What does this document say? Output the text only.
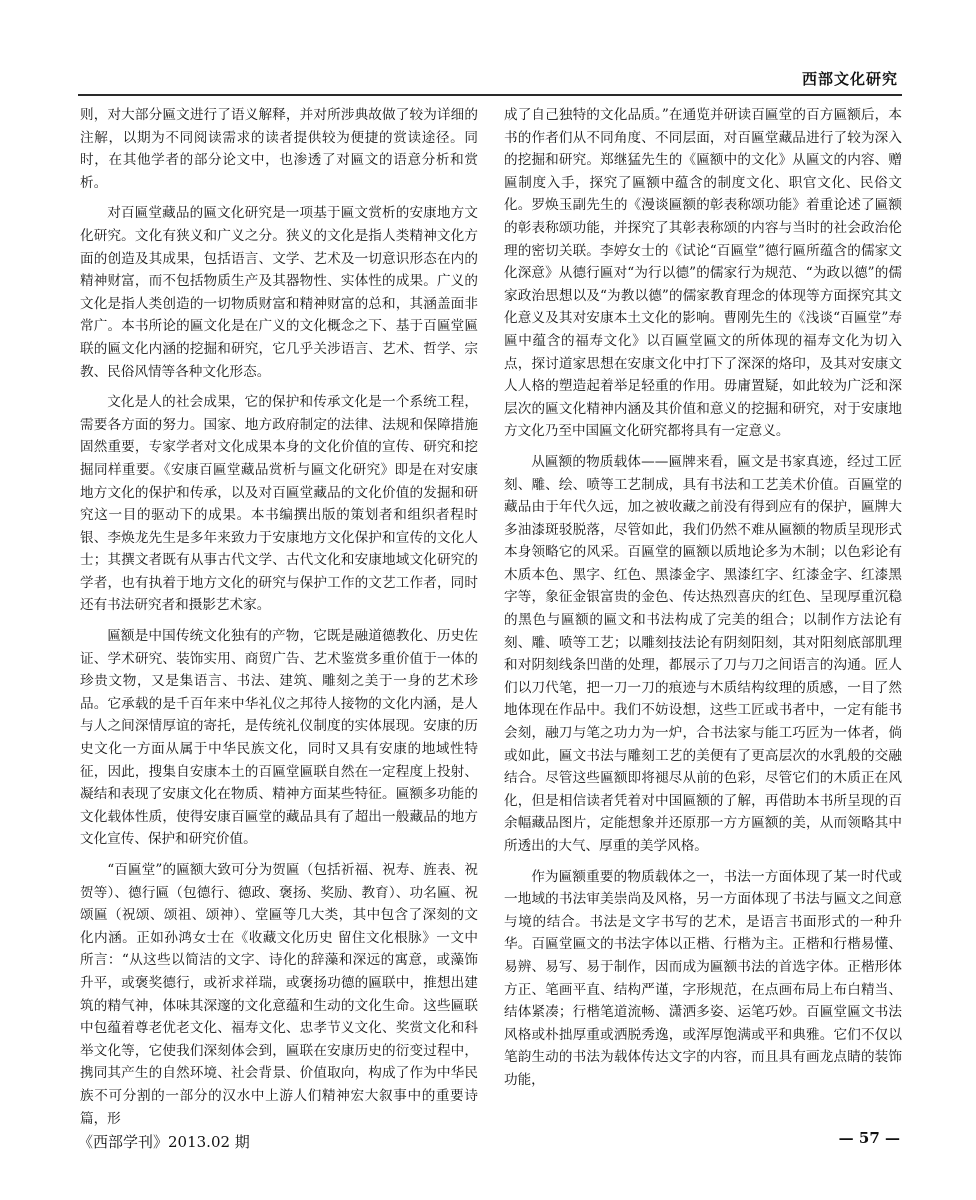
西部文化研究

则，对大部分匾文进行了语义解释，并对所涉典故做了较为详细的注解，以期为不同阅读需求的读者提供较为便捷的赏读途径。同时，在其他学者的部分论文中，也渗透了对匾文的语意分析和赏析。

对百匾堂藏品的匾文化研究是一项基于匾文赏析的安康地方文化研究。文化有狭义和广义之分。狭义的文化是指人类精神文化方面的创造及其成果，包括语言、文学、艺术及一切意识形态在内的精神财富，而不包括物质生产及其器物性、实体性的成果。广义的文化是指人类创造的一切物质财富和精神财富的总和，其涵盖面非常广。本书所论的匾文化是在广义的文化概念之下、基于百匾堂匾联的匾文化内涵的挖掘和研究，它几乎关涉语言、艺术、哲学、宗教、民俗风情等各种文化形态。

文化是人的社会成果，它的保护和传承文化是一个系统工程，需要各方面的努力。国家、地方政府制定的法律、法规和保障措施固然重要，专家学者对文化成果本身的文化价值的宣传、研究和挖掘同样重要。《安康百匾堂藏品赏析与匾文化研究》即是在对安康地方文化的保护和传承，以及对百匾堂藏品的文化价值的发掘和研究这一目的驱动下的成果。本书编撰出版的策划者和组织者程时银、李焕龙先生是多年来致力于安康地方文化保护和宣传的文化人士；其撰文者既有从事古代文学、古代文化和安康地域文化研究的学者，也有执着于地方文化的研究与保护工作的文艺工作者，同时还有书法研究者和摄影艺术家。

匾额是中国传统文化独有的产物，它既是融道德教化、历史佐证、学术研究、装饰实用、商贸广告、艺术鉴赏多重价值于一体的珍贵文物，又是集语言、书法、建筑、雕刻之美于一身的艺术珍品。它承载的是千百年来中华礼仪之邦待人接物的文化内涵，是人与人之间深情厚谊的寄托，是传统礼仪制度的实体展现。安康的历史文化一方面从属于中华民族文化，同时又具有安康的地域性特征，因此，搜集自安康本土的百匾堂匾联自然在一定程度上投射、凝结和表现了安康文化在物质、精神方面某些特征。匾额多功能的文化载体性质，使得安康百匾堂的藏品具有了超出一般藏品的地方文化宣传、保护和研究价值。

“百匾堂”的匾额大致可分为贺匾（包括祈福、祝寿、旌表、祝贺等）、德行匾（包德行、德政、褒扬、奖励、教育）、功名匾、祝颂匾（祝颂、颂祖、颂神）、堂匾等几大类，其中包含了深刻的文化内涵。正如孙鸿女士在《收藏文化历史 留住文化根脉》一文中所言：“从这些以简洁的文字、诗化的辞藻和深远的寓意，或藻饰升平，或褒奖德行，或祈求祥瑞，或褒扬功德的匾联中，推想出建筑的精气神，体味其深邃的文化意蕴和生动的文化生命。这些匾联中包蕴着尊老优老文化、福寿文化、忠孝节义文化、奖赏文化和科举文化等，它使我们深刻体会到，匾联在安康历史的衍变过程中，携同其产生的自然环境、社会背景、价值取向，构成了作为中华民族不可分割的一部分的汉水中上游人们精神宏大叙事中的重要诗篇，形

成了自己独特的文化品质。”在通览并研读百匾堂的百方匾额后，本书的作者们从不同角度、不同层面，对百匾堂藏品进行了较为深入的挖掘和研究。郑继猛先生的《匾额中的文化》从匾文的内容、赠匾制度入手，探究了匾额中蕴含的制度文化、职官文化、民俗文化。罗焕玉副先生的《漫谈匾额的彰表称颂功能》着重论述了匾额的彰表称颂功能，并探究了其彰表称颂的内容与当时的社会政治伦理的密切关联。李婷女士的《试论“百匾堂”德行匾所蕴含的儒家文化深意》从德行匾对“为行以德”的儒家行为规范、“为政以德”的儒家政治思想以及“为教以德”的儒家教育理念的体现等方面探究其文化意义及其对安康本土文化的影响。曹刚先生的《浅谈“百匾堂”寿匾中蕴含的福寿文化》以百匾堂匾文的所体现的福寿文化为切入点，探讨道家思想在安康文化中打下了深深的烙印，及其对安康文人人格的塑造起着举足轻重的作用。毋庸置疑，如此较为广泛和深层次的匾文化精神内涵及其价值和意义的挖掘和研究，对于安康地方文化乃至中国匾文化研究都将具有一定意义。

从匾额的物质载体——匾牌来看，匾文是书家真迹，经过工匠刻、雕、绘、喷等工艺制成，具有书法和工艺美术价值。百匾堂的藏品由于年代久远，加之被收藏之前没有得到应有的保护，匾牌大多油漆斑驳脱落，尽管如此，我们仍然不难从匾额的物质呈现形式本身领略它的风采。百匾堂的匾额以质地论多为木制；以色彩论有木质本色、黑字、红色、黑漆金字、黑漆红字、红漆金字、红漆黑字等，象征金银富贵的金色、传达热烈喜庆的红色、呈现厚重沉稳的黑色与匾额的匾文和书法构成了完美的组合；以制作方法论有刻、雕、喷等工艺；以雕刻技法论有阴刻阳刻，其对阳刻底部肌理和对阴刻线条凹凿的处理，都展示了刀与刀之间语言的沟通。匠人们以刀代笔，把一刀一刀的痕迹与木质结构纹理的质感，一目了然地体现在作品中。我们不妨设想，这些工匠或书者中，一定有能书会刻，融刀与笔之功力为一炉，合书法家与能工巧匠为一体者，倘或如此，匾文书法与雕刻工艺的美便有了更高层次的水乳般的交融结合。尽管这些匾额即将褪尽从前的色彩，尽管它们的木质正在风化，但是相信读者凭着对中国匾额的了解，再借助本书所呈现的百余幅藏品图片，定能想象并还原那一方方匾额的美，从而领略其中所透出的大气、厚重的美学风格。

作为匾额重要的物质载体之一，书法一方面体现了某一时代或一地域的书法审美崇尚及风格，另一方面体现了书法与匾文之间意与境的结合。书法是文字书写的艺术，是语言书面形式的一种升华。百匾堂匾文的书法字体以正楷、行楷为主。正楷和行楷易懂、易辨、易写、易于制作，因而成为匾额书法的首选字体。正楷形体方正、笔画平直、结构严谨，字形规范，在点画布局上布白精当、结体紧凑；行楷笔道流畅、潇洒多姿、运笔巧妙。百匾堂匾文书法风格或朴拙厚重或洒脱秀逸，或浑厚饱满或平和典雅。它们不仅以笔韵生动的书法为载体传达文字的内容，而且具有画龙点睛的装饰功能，

《西部学刊》2013.02 期	— 57 —
